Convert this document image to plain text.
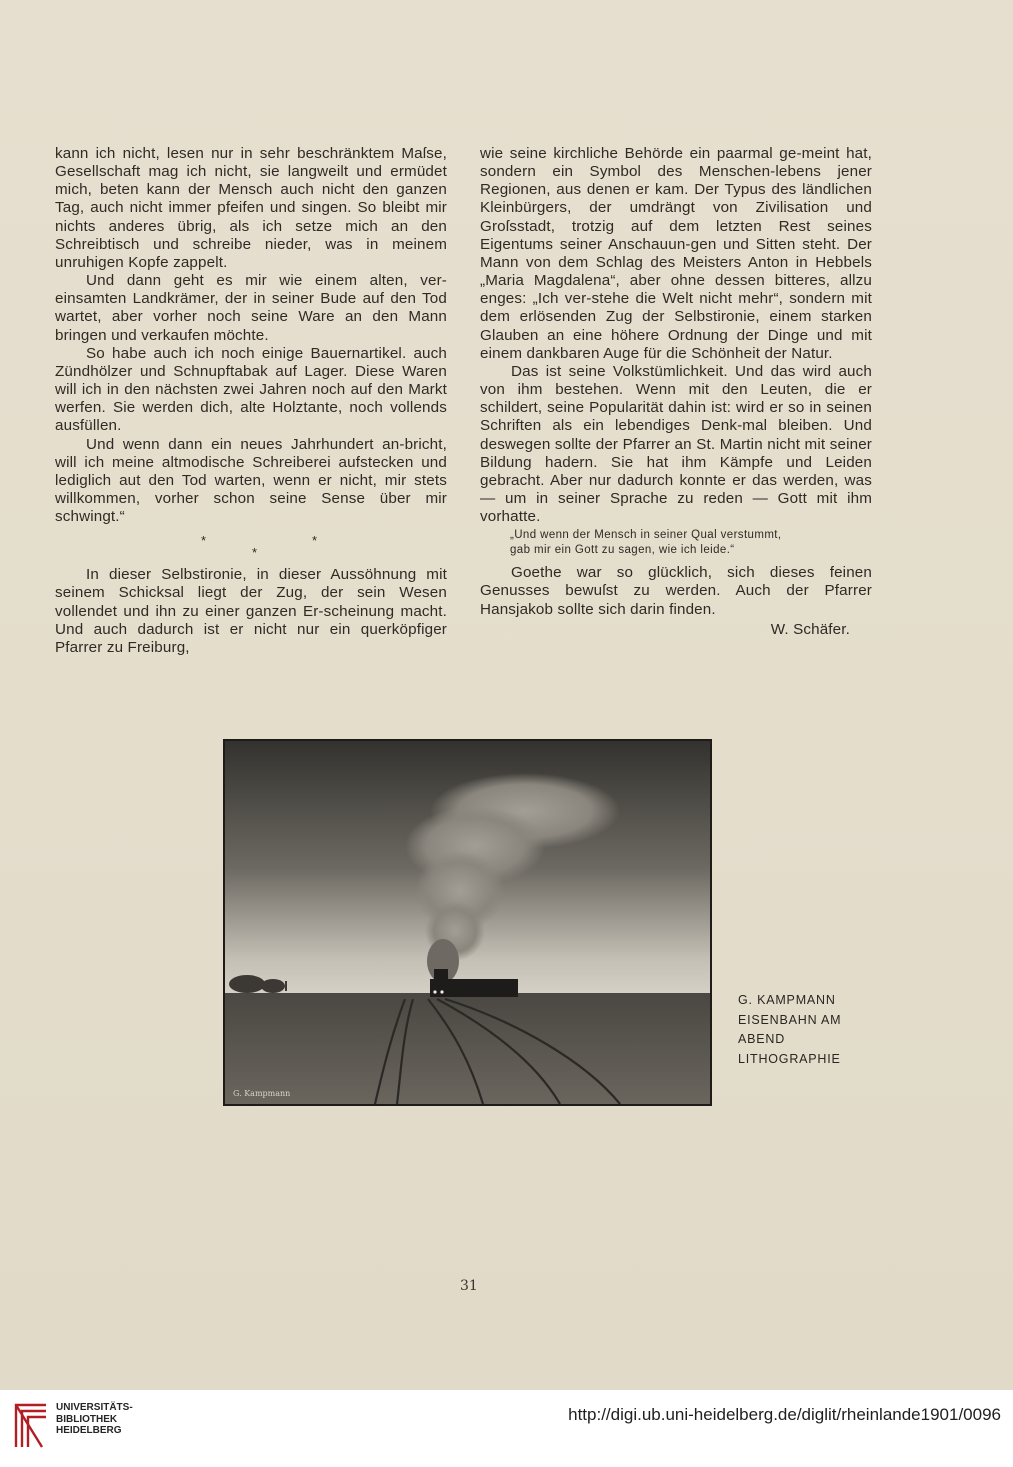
kann ich nicht, lesen nur in sehr beschränktem Maſse, Gesellschaft mag ich nicht, sie langweilt und ermüdet mich, beten kann der Mensch auch nicht den ganzen Tag, auch nicht immer pfeifen und singen. So bleibt mir nichts anderes übrig, als ich setze mich an den Schreibtisch und schreibe nieder, was in meinem unruhigen Kopfe zappelt.

Und dann geht es mir wie einem alten, ver-einsamten Landkrämer, der in seiner Bude auf den Tod wartet, aber vorher noch seine Ware an den Mann bringen und verkaufen möchte.

So habe auch ich noch einige Bauernartikel. auch Zündhölzer und Schnupftabak auf Lager. Diese Waren will ich in den nächsten zwei Jahren noch auf den Markt werfen. Sie werden dich, alte Holztante, noch vollends ausfüllen.

Und wenn dann ein neues Jahrhundert an-bricht, will ich meine altmodische Schreiberei aufstecken und lediglich aut den Tod warten, wenn er nicht, mir stets willkommen, vorher schon seine Sense über mir schwingt.“

*
*
*

In dieser Selbstironie, in dieser Aussöhnung mit seinem Schicksal liegt der Zug, der sein Wesen vollendet und ihn zu einer ganzen Er-scheinung macht. Und auch dadurch ist er nicht nur ein querköpfiger Pfarrer zu Freiburg,

wie seine kirchliche Behörde ein paarmal ge-meint hat, sondern ein Symbol des Menschen-lebens jener Regionen, aus denen er kam. Der Typus des ländlichen Kleinbürgers, der umdrängt von Zivilisation und Groſsstadt, trotzig auf dem letzten Rest seines Eigentums seiner Anschauun-gen und Sitten steht. Der Mann von dem Schlag des Meisters Anton in Hebbels „Maria Magdalena“, aber ohne dessen bitteres, allzu enges: „Ich ver-stehe die Welt nicht mehr“, sondern mit dem erlösenden Zug der Selbstironie, einem starken Glauben an eine höhere Ordnung der Dinge und mit einem dankbaren Auge für die Schönheit der Natur.

Das ist seine Volkstümlichkeit. Und das wird auch von ihm bestehen. Wenn mit den Leuten, die er schildert, seine Popularität dahin ist: wird er so in seinen Schriften als ein lebendiges Denk-mal bleiben. Und deswegen sollte der Pfarrer an St. Martin nicht mit seiner Bildung hadern. Sie hat ihm Kämpfe und Leiden gebracht. Aber nur dadurch konnte er das werden, was — um in seiner Sprache zu reden — Gott mit ihm vorhatte.

„Und wenn der Mensch in seiner Qual verstummt,
gab mir ein Gott zu sagen, wie ich leide.“

Goethe war so glücklich, sich dieses feinen Genusses bewuſst zu werden. Auch der Pfarrer Hansjakob sollte sich darin finden.

W. Schäfer.

G. Kampmann
G. KAMPMANN
EISENBAHN AM
ABEND
LITHOGRAPHIE
31
UNIVERSITÄTS-
BIBLIOTHEK
HEIDELBERG
http://digi.ub.uni-heidelberg.de/diglit/rheinlande1901/0096
